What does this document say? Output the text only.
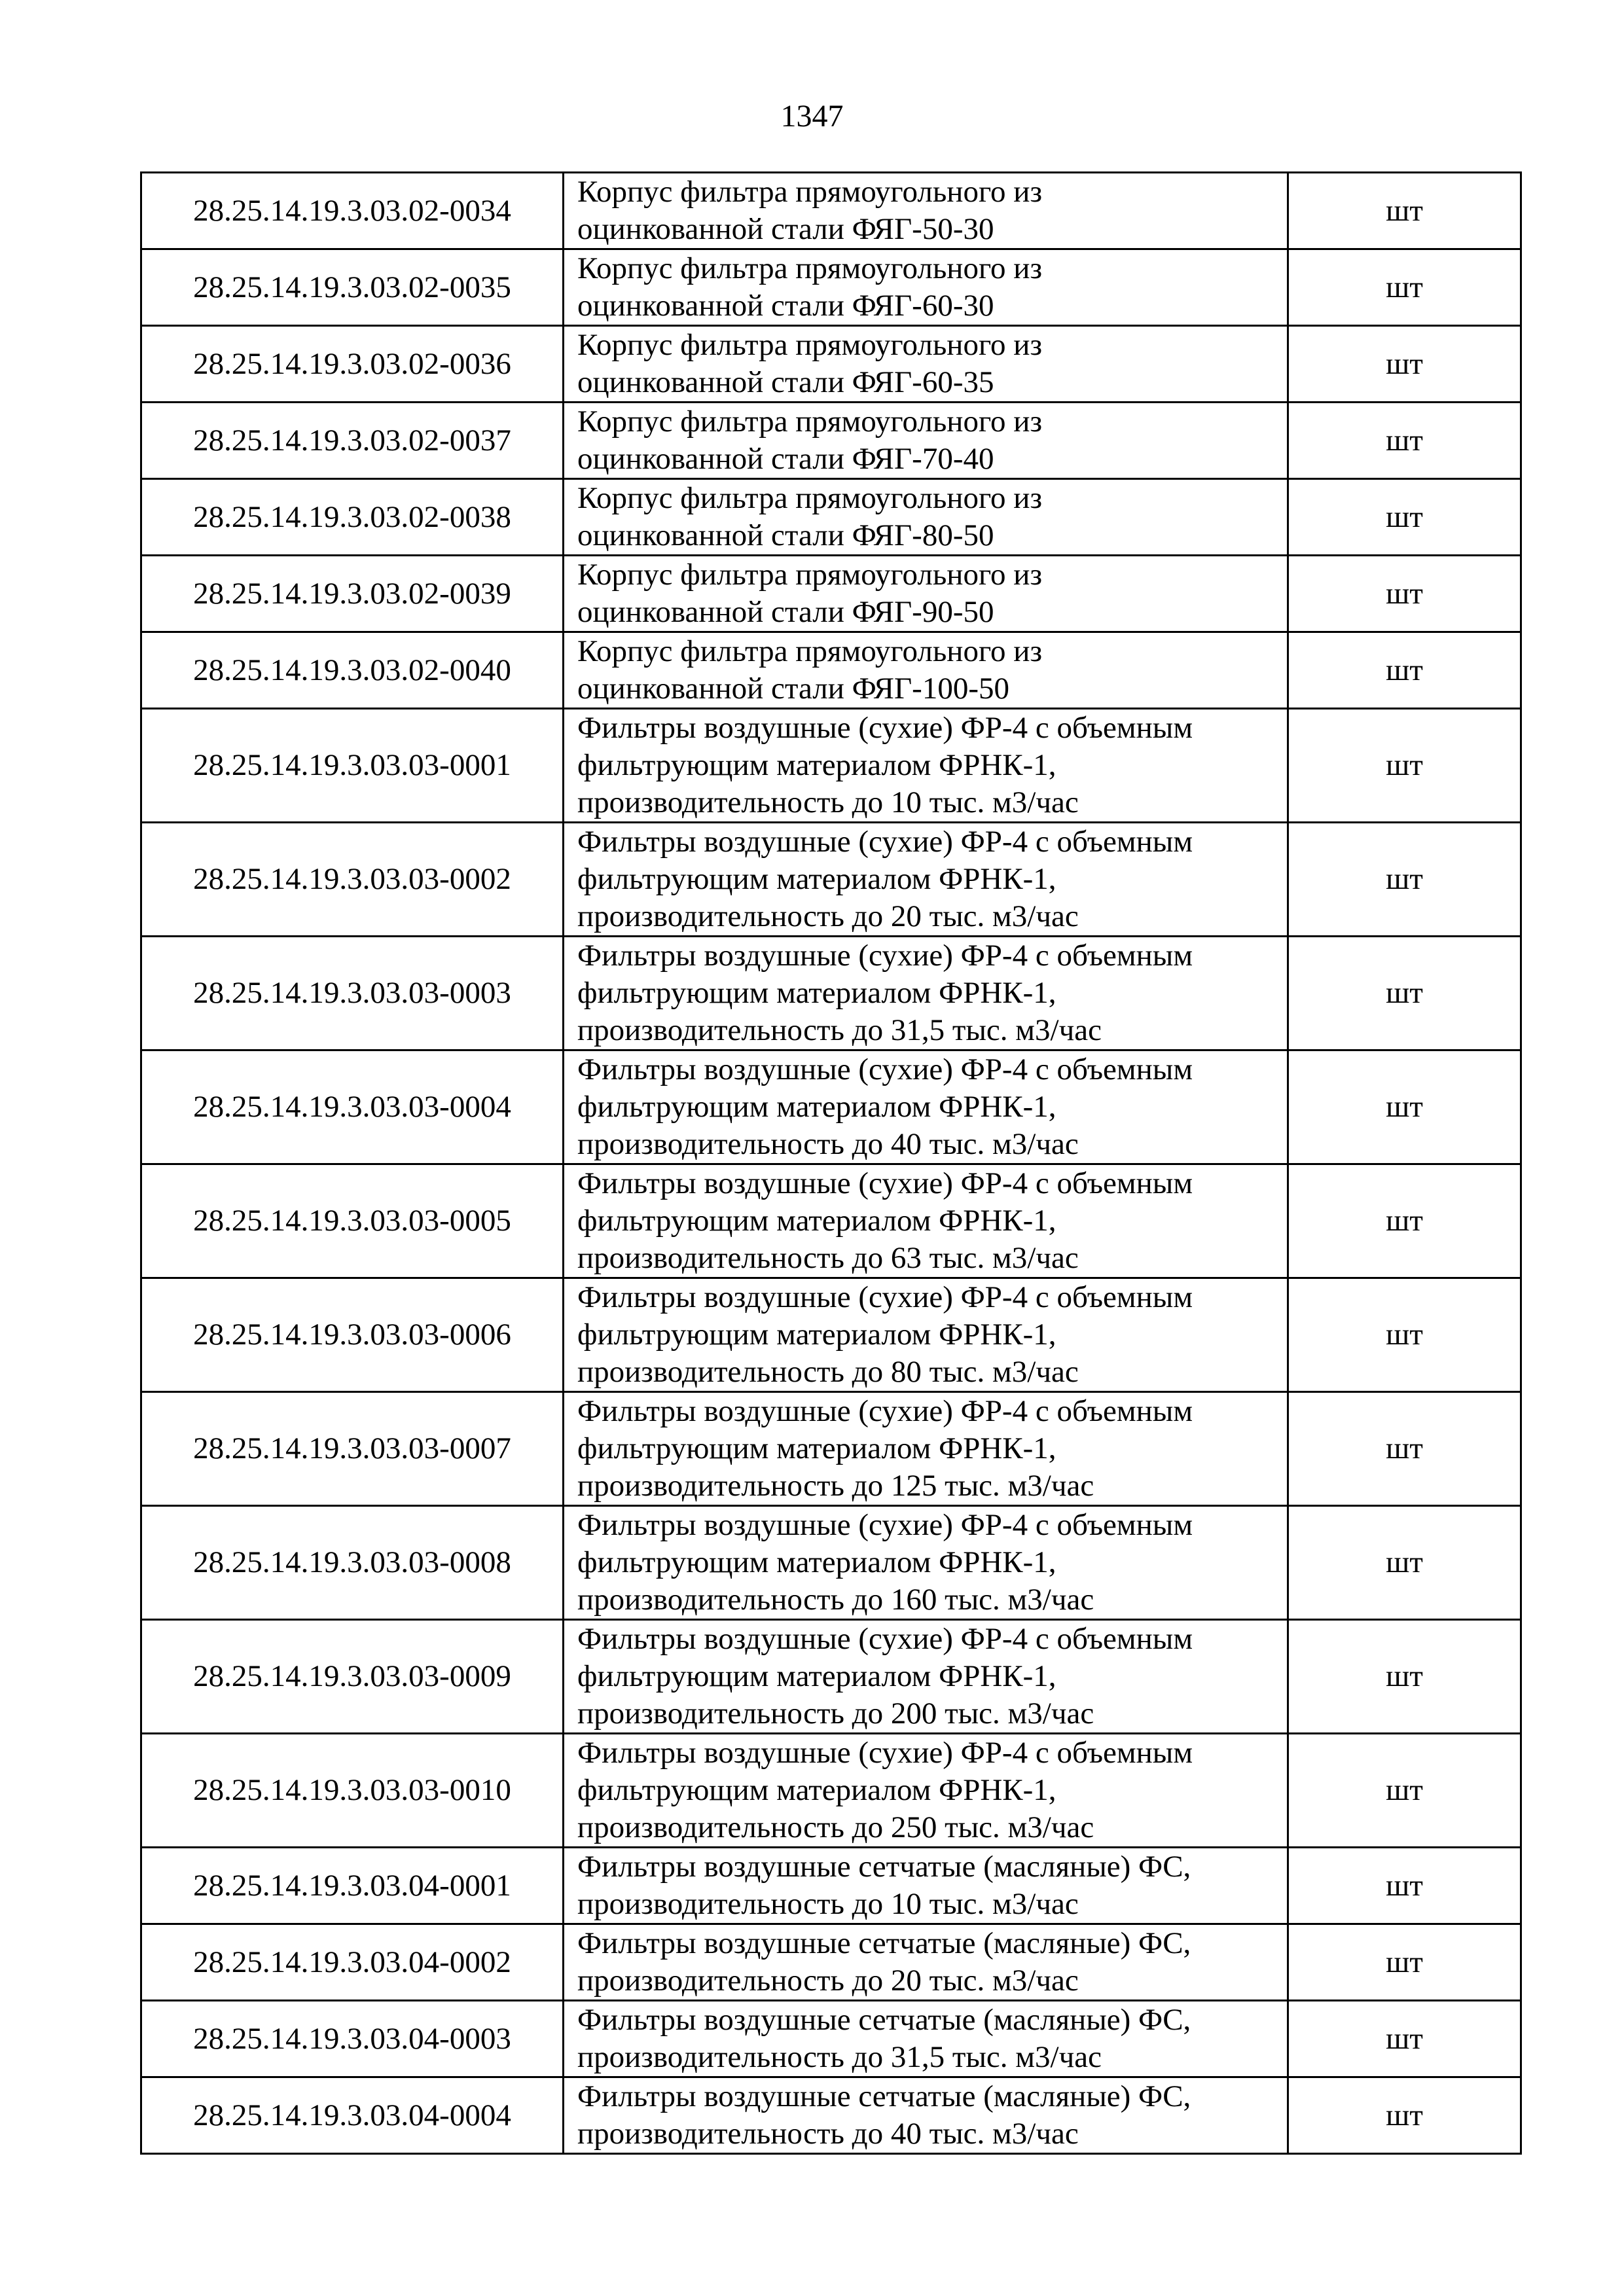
1347
28.25.14.19.3.03.02-0034	Корпус фильтра прямоугольного из
оцинкованной стали ФЯГ-50-30	шт
28.25.14.19.3.03.02-0035	Корпус фильтра прямоугольного из
оцинкованной стали ФЯГ-60-30	шт
28.25.14.19.3.03.02-0036	Корпус фильтра прямоугольного из
оцинкованной стали ФЯГ-60-35	шт
28.25.14.19.3.03.02-0037	Корпус фильтра прямоугольного из
оцинкованной стали ФЯГ-70-40	шт
28.25.14.19.3.03.02-0038	Корпус фильтра прямоугольного из
оцинкованной стали ФЯГ-80-50	шт
28.25.14.19.3.03.02-0039	Корпус фильтра прямоугольного из
оцинкованной стали ФЯГ-90-50	шт
28.25.14.19.3.03.02-0040	Корпус фильтра прямоугольного из
оцинкованной стали ФЯГ-100-50	шт
28.25.14.19.3.03.03-0001	Фильтры воздушные (сухие) ФР-4 с объемным
фильтрующим материалом ФРНК-1,
производительность до 10 тыс. м3/час	шт
28.25.14.19.3.03.03-0002	Фильтры воздушные (сухие) ФР-4 с объемным
фильтрующим материалом ФРНК-1,
производительность до 20 тыс. м3/час	шт
28.25.14.19.3.03.03-0003	Фильтры воздушные (сухие) ФР-4 с объемным
фильтрующим материалом ФРНК-1,
производительность до 31,5 тыс. м3/час	шт
28.25.14.19.3.03.03-0004	Фильтры воздушные (сухие) ФР-4 с объемным
фильтрующим материалом ФРНК-1,
производительность до 40 тыс. м3/час	шт
28.25.14.19.3.03.03-0005	Фильтры воздушные (сухие) ФР-4 с объемным
фильтрующим материалом ФРНК-1,
производительность до 63 тыс. м3/час	шт
28.25.14.19.3.03.03-0006	Фильтры воздушные (сухие) ФР-4 с объемным
фильтрующим материалом ФРНК-1,
производительность до 80 тыс. м3/час	шт
28.25.14.19.3.03.03-0007	Фильтры воздушные (сухие) ФР-4 с объемным
фильтрующим материалом ФРНК-1,
производительность до 125 тыс. м3/час	шт
28.25.14.19.3.03.03-0008	Фильтры воздушные (сухие) ФР-4 с объемным
фильтрующим материалом ФРНК-1,
производительность до 160 тыс. м3/час	шт
28.25.14.19.3.03.03-0009	Фильтры воздушные (сухие) ФР-4 с объемным
фильтрующим материалом ФРНК-1,
производительность до 200 тыс. м3/час	шт
28.25.14.19.3.03.03-0010	Фильтры воздушные (сухие) ФР-4 с объемным
фильтрующим материалом ФРНК-1,
производительность до 250 тыс. м3/час	шт
28.25.14.19.3.03.04-0001	Фильтры воздушные сетчатые (масляные) ФС,
производительность до 10 тыс. м3/час	шт
28.25.14.19.3.03.04-0002	Фильтры воздушные сетчатые (масляные) ФС,
производительность до 20 тыс. м3/час	шт
28.25.14.19.3.03.04-0003	Фильтры воздушные сетчатые (масляные) ФС,
производительность до 31,5 тыс. м3/час	шт
28.25.14.19.3.03.04-0004	Фильтры воздушные сетчатые (масляные) ФС,
производительность до 40 тыс. м3/час	шт
